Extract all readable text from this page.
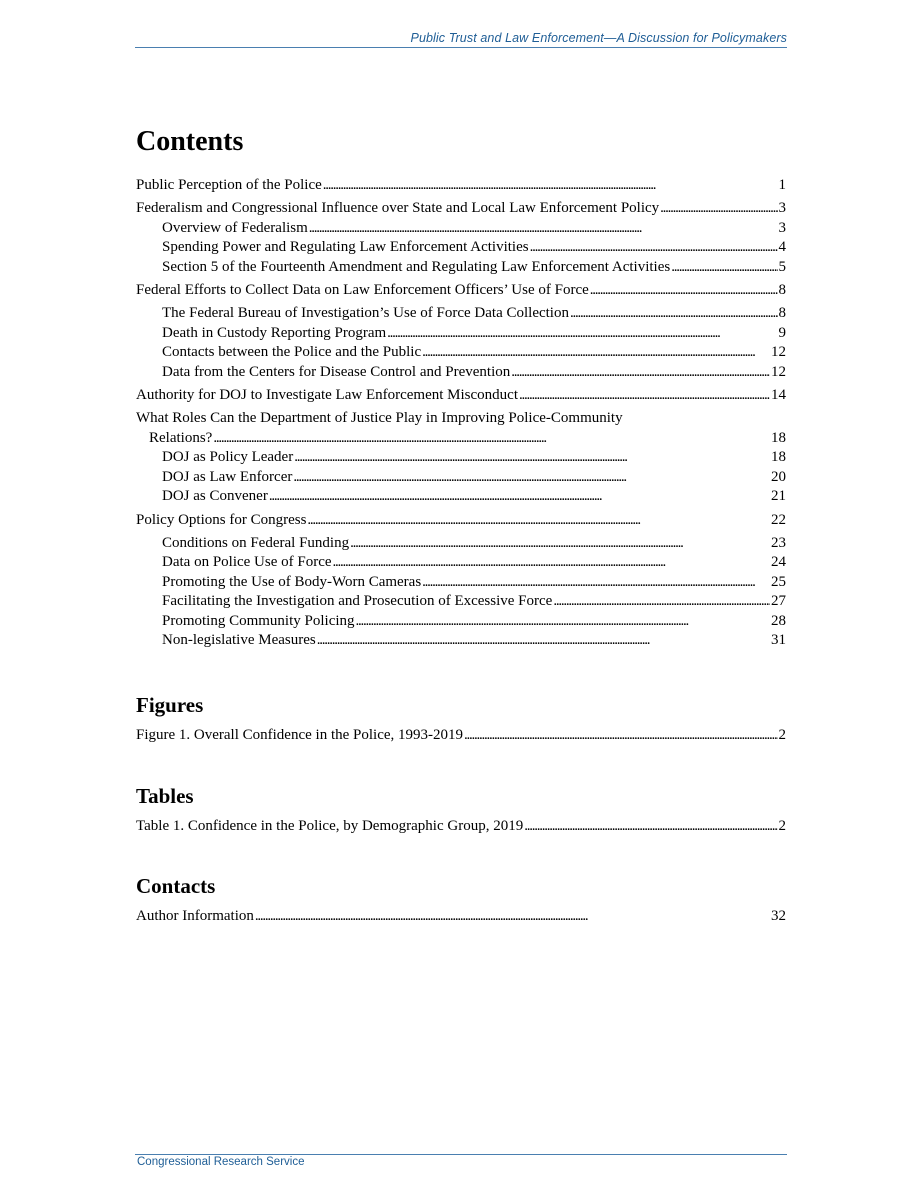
Public Trust and Law Enforcement—A Discussion for Policymakers
Contents
Public Perception of the Police . . .	1
Federalism and Congressional Influence over State and Local Law Enforcement Policy . . .	3
Overview of Federalism . . .	3
Spending Power and Regulating Law Enforcement Activities . . .	4
Section 5 of the Fourteenth Amendment and Regulating Law Enforcement Activities . . .	5
Federal Efforts to Collect Data on Law Enforcement Officers’ Use of Force . . .	8
The Federal Bureau of Investigation’s Use of Force Data Collection . . .	8
Death in Custody Reporting Program . . .	9
Contacts between the Police and the Public . . .	12
Data from the Centers for Disease Control and Prevention . . .	12
Authority for DOJ to Investigate Law Enforcement Misconduct . . .	14
What Roles Can the Department of Justice Play in Improving Police-Community
Relations? . . .	18
DOJ as Policy Leader . . .	18
DOJ as Law Enforcer . . .	20
DOJ as Convener . . .	21
Policy Options for Congress . . .	22
Conditions on Federal Funding . . .	23
Data on Police Use of Force . . .	24
Promoting the Use of Body-Worn Cameras . . .	25
Facilitating the Investigation and Prosecution of Excessive Force . . .	27
Promoting Community Policing . . .	28
Non-legislative Measures . . .	31
Figures
Figure 1. Overall Confidence in the Police, 1993-2019 . . .	2
Tables
Table 1. Confidence in the Police, by Demographic Group, 2019 . . .	2
Contacts
Author Information . . .	32
Congressional Research Service
